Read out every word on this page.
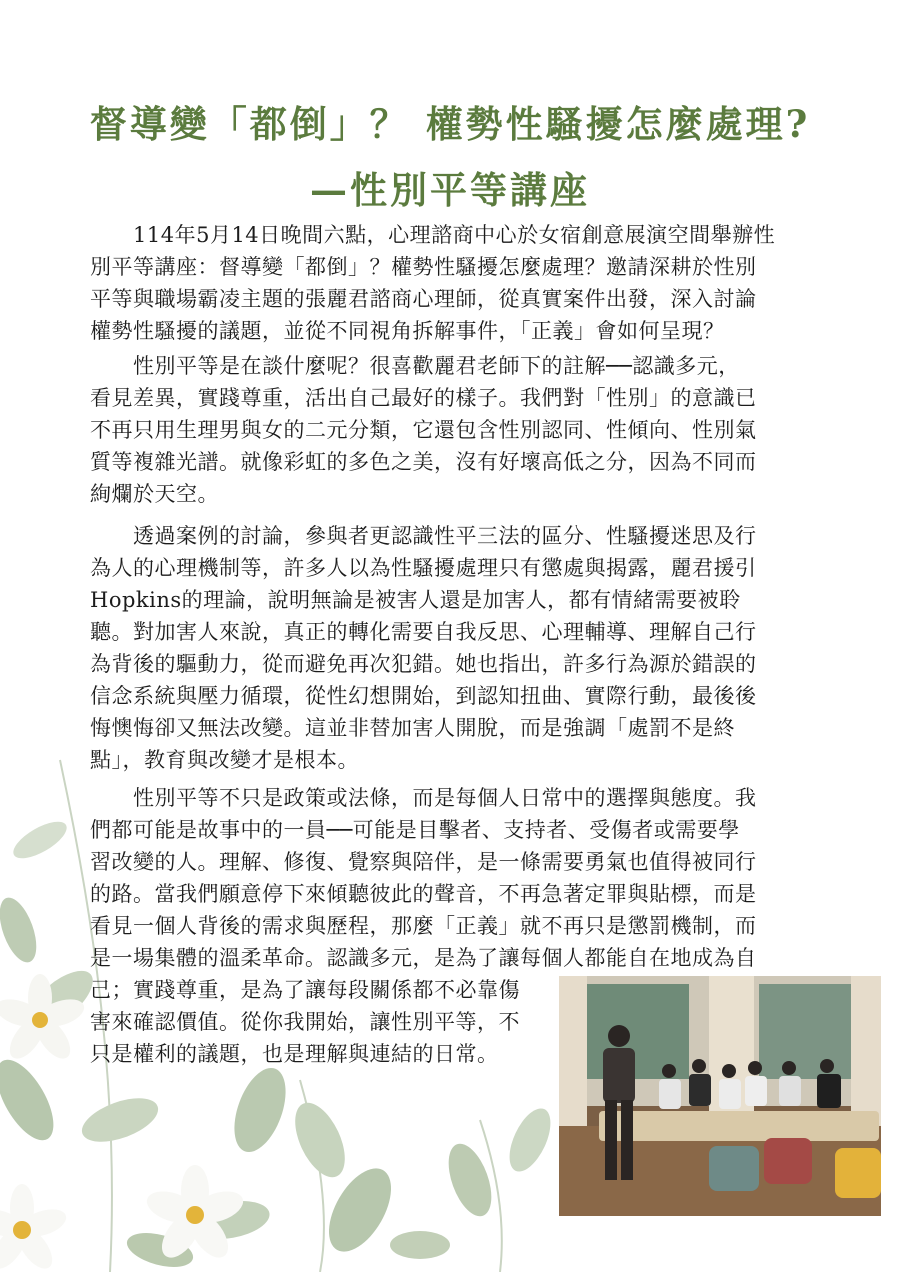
督導變「都倒」？ 權勢性騷擾怎麼處理?
—性別平等講座
114年5月14日晚間六點，心理諮商中心於女宿創意展演空間舉辦性
別平等講座：督導變「都倒」？權勢性騷擾怎麼處理？邀請深耕於性別
平等與職場霸凌主題的張麗君諮商心理師，從真實案件出發，深入討論
權勢性騷擾的議題，並從不同視角拆解事件，「正義」會如何呈現？
性別平等是在談什麼呢？很喜歡麗君老師下的註解──認識多元，
看見差異，實踐尊重，活出自己最好的樣子。我們對「性別」的意識已
不再只用生理男與女的二元分類，它還包含性別認同、性傾向、性別氣
質等複雜光譜。就像彩虹的多色之美，沒有好壞高低之分，因為不同而
絢爛於天空。
透過案例的討論，參與者更認識性平三法的區分、性騷擾迷思及行
為人的心理機制等，許多人以為性騷擾處理只有懲處與揭露，麗君援引
Hopkins的理論，說明無論是被害人還是加害人，都有情緒需要被聆
聽。對加害人來說，真正的轉化需要自我反思、心理輔導、理解自己行
為背後的驅動力，從而避免再次犯錯。她也指出，許多行為源於錯誤的
信念系統與壓力循環，從性幻想開始，到認知扭曲、實際行動，最後後
悔懊悔卻又無法改變。這並非替加害人開脫，而是強調「處罰不是終
點」，教育與改變才是根本。
性別平等不只是政策或法條，而是每個人日常中的選擇與態度。我
們都可能是故事中的一員──可能是目擊者、支持者、受傷者或需要學
習改變的人。理解、修復、覺察與陪伴，是一條需要勇氣也值得被同行
的路。當我們願意停下來傾聽彼此的聲音，不再急著定罪與貼標，而是
看見一個人背後的需求與歷程，那麼「正義」就不再只是懲罰機制，而
是一場集體的溫柔革命。認識多元，是為了讓每個人都能自在地成為自
己；實踐尊重，是為了讓每段關係都不必靠傷
害來確認價值。從你我開始，讓性別平等，不
只是權利的議題，也是理解與連結的日常。
